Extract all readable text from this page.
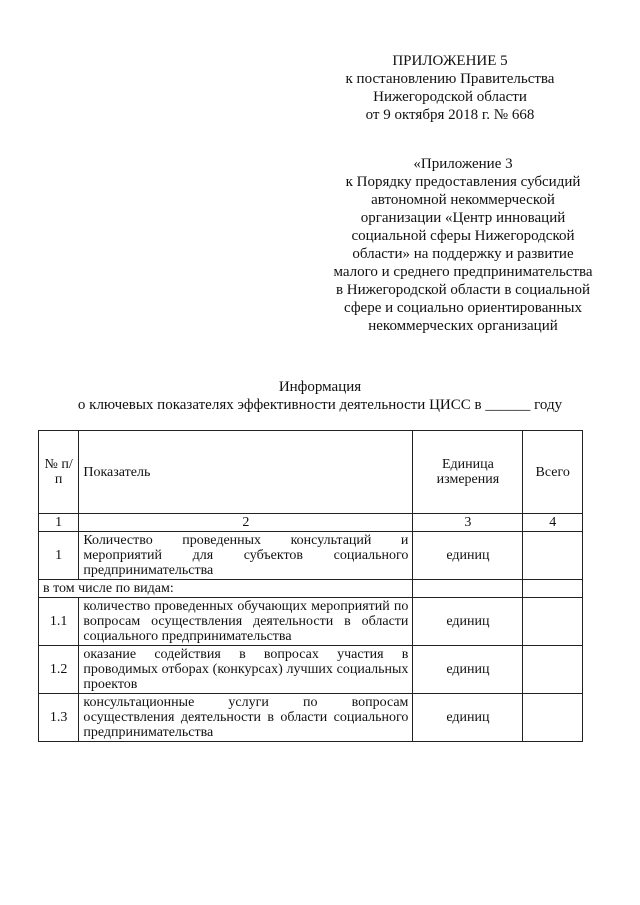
ПРИЛОЖЕНИЕ 5
к постановлению Правительства
Нижегородской области
от 9 октября 2018 г. № 668
«Приложение 3
к Порядку предоставления субсидий
автономной некоммерческой
организации «Центр инноваций
социальной сферы Нижегородской
области» на поддержку и развитие
малого и среднего предпринимательства
в Нижегородской области в социальной
сфере и социально ориентированных
некоммерческих организаций
Информация
о ключевых показателях эффективности деятельности ЦИСС в ______ году
№ п/п	Показатель	Единица измерения	Всего
1	2	3	4
1	Количество проведенных консультаций и мероприятий для субъектов социального предпринимательства	единиц	
в том числе по видам:			
1.1	количество проведенных обучающих мероприятий по вопросам осуществления деятельности в области социального предпринимательства	единиц	
1.2	оказание содействия в вопросах участия в проводимых отборах (конкурсах) лучших социальных проектов	единиц	
1.3	консультационные услуги по вопросам осуществления деятельности в области социального предпринимательства	единиц	
